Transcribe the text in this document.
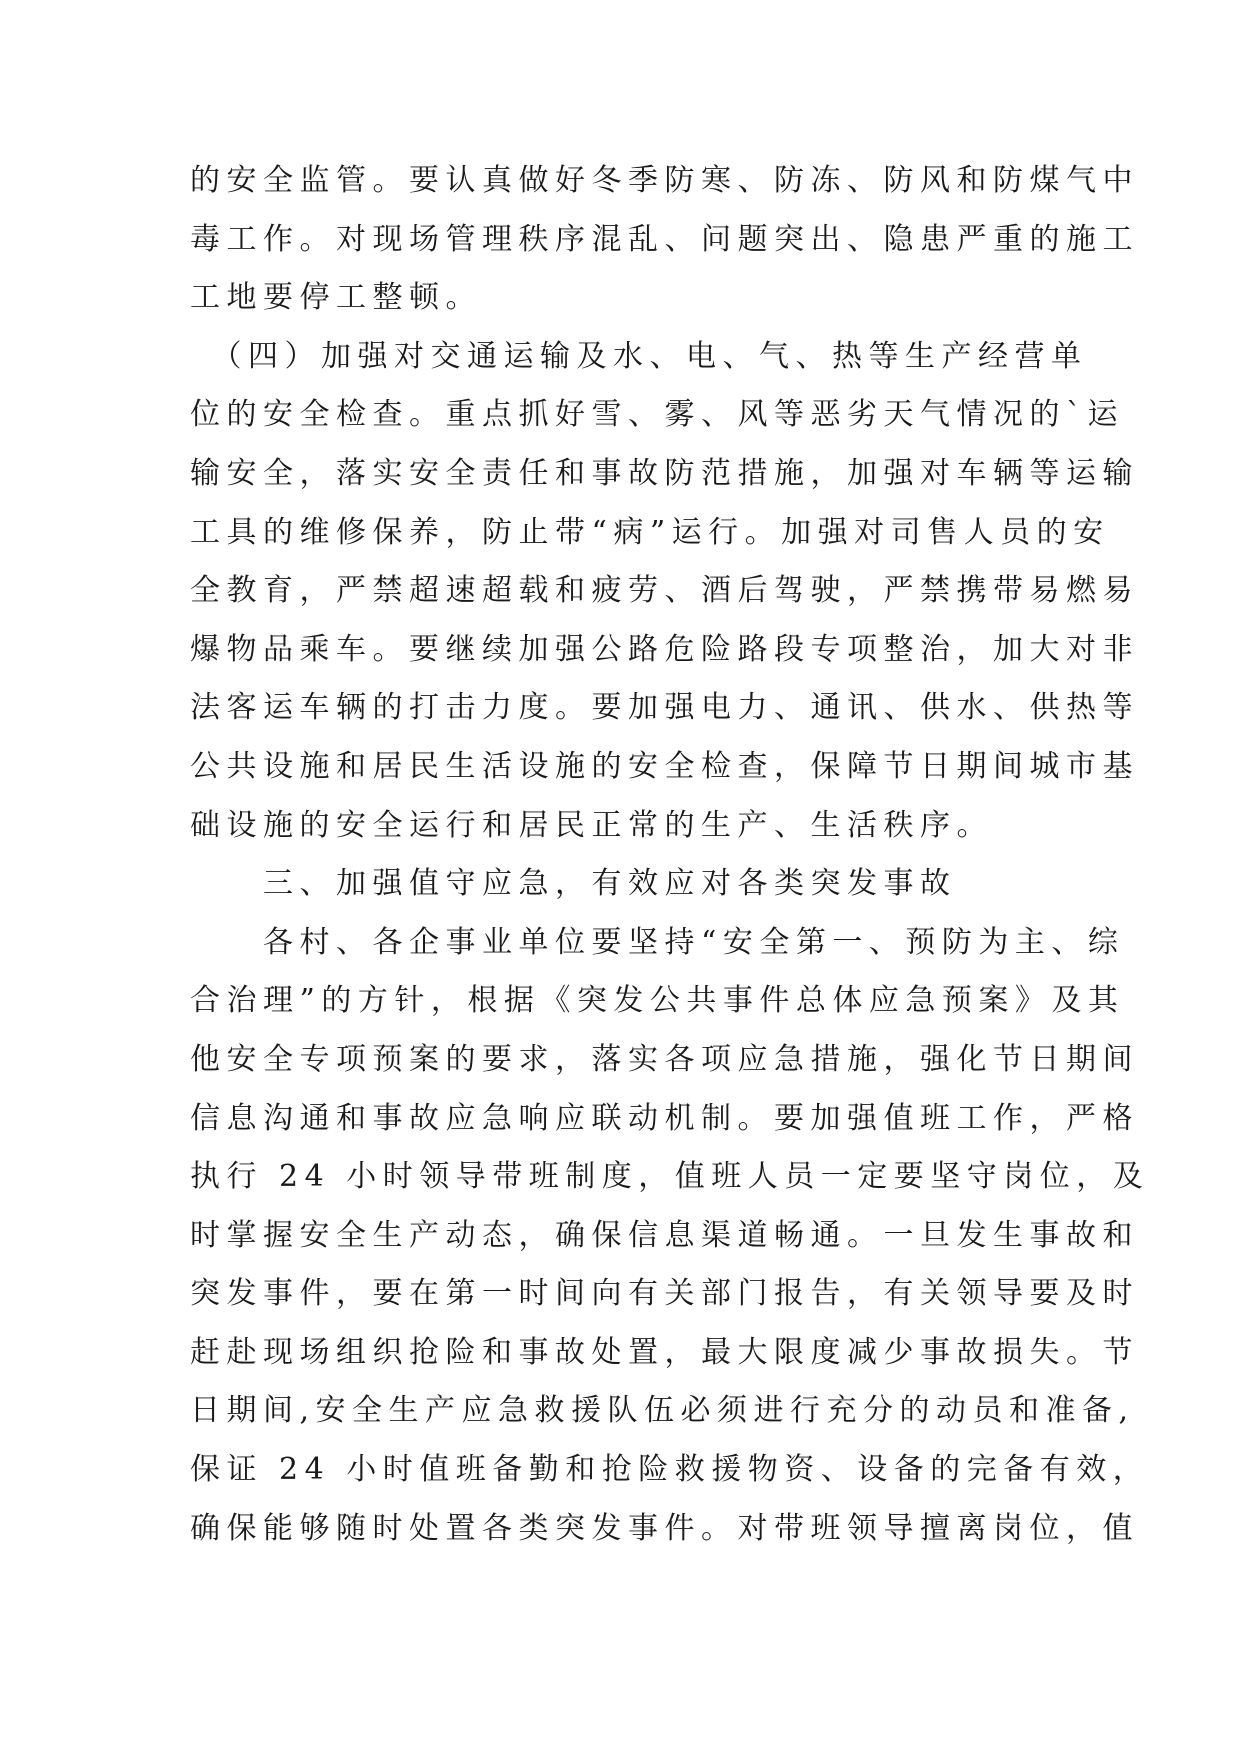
的安全监管。要认真做好冬季防寒、防冻、防风和防煤气中
毒工作。对现场管理秩序混乱、问题突出、隐患严重的施工
工地要停工整顿。
　（四）加强对交通运输及水、电、气、热等生产经营单
位的安全检查。重点抓好雪、雾、风等恶劣天气情况的`运
输安全，落实安全责任和事故防范措施，加强对车辆等运输
工具的维修保养，防止带“病”运行。加强对司售人员的安
全教育，严禁超速超载和疲劳、酒后驾驶，严禁携带易燃易
爆物品乘车。要继续加强公路危险路段专项整治，加大对非
法客运车辆的打击力度。要加强电力、通讯、供水、供热等
公共设施和居民生活设施的安全检查，保障节日期间城市基
础设施的安全运行和居民正常的生产、生活秩序。
　　三、加强值守应急，有效应对各类突发事故
　　各村、各企事业单位要坚持“安全第一、预防为主、综
合治理”的方针，根据《突发公共事件总体应急预案》及其
他安全专项预案的要求，落实各项应急措施，强化节日期间
信息沟通和事故应急响应联动机制。要加强值班工作，严格
执行 24 小时领导带班制度，值班人员一定要坚守岗位，及
时掌握安全生产动态，确保信息渠道畅通。一旦发生事故和
突发事件，要在第一时间向有关部门报告，有关领导要及时
赶赴现场组织抢险和事故处置，最大限度减少事故损失。节
日期间,安全生产应急救援队伍必须进行充分的动员和准备,
保证 24 小时值班备勤和抢险救援物资、设备的完备有效，
确保能够随时处置各类突发事件。对带班领导擅离岗位，值
